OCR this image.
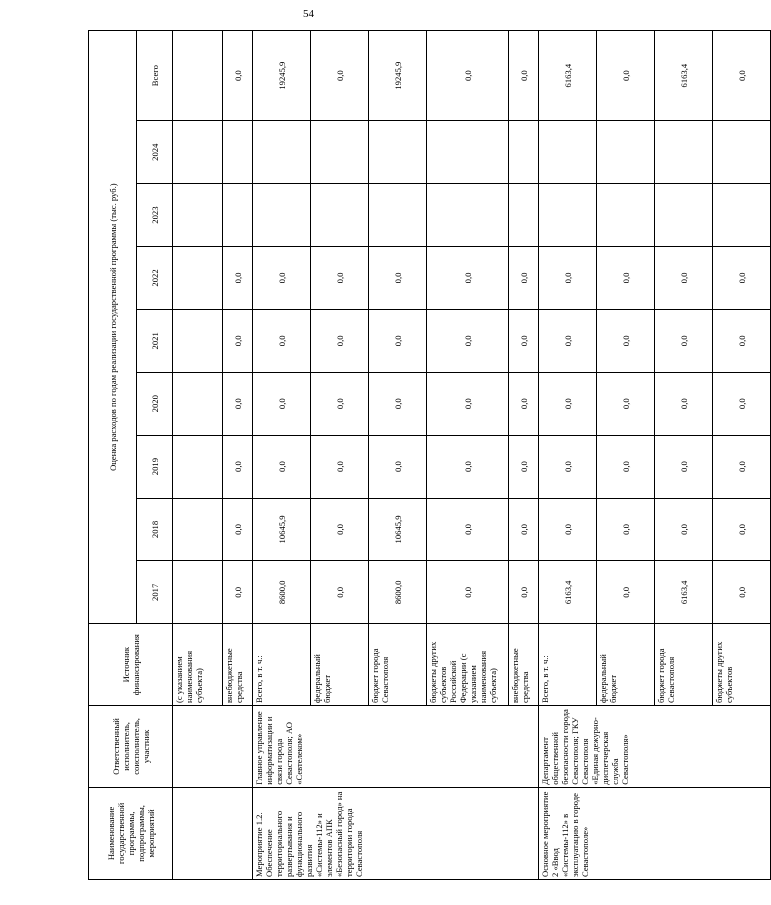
54
Наименование государственной программы, подпрограммы, мероприятий	Ответственный исполнитель, соисполнитель, участник	Источник финансирования	Оценка расходов по годам реализации государственной программы (тыс. руб.)								
			2017	2018	2019	2020	2021	2022	2023	2024	Всего
		(с указанием наименования субъекта)									
		внебюджетные средства	0,0	0,0	0,0	0,0	0,0	0,0			0,0
Мероприятие 1.2. Обеспечение территориального развертывания и функционального развития «Системы-112» и элементов АПК «Безопасный город» на территории города Севастополя	Главное управление информатизации и связи города Севастополя; АО «Севтелеком»	Всего, в т. ч.:	8600,0	10645,9	0,0	0,0	0,0	0,0			19245,9
		федеральный бюджет	0,0	0,0	0,0	0,0	0,0	0,0			0,0
		бюджет города Севастополя	8600,0	10645,9	0,0	0,0	0,0	0,0			19245,9
		бюджеты других субъектов Российской Федерации (с указанием наименования субъекта)	0,0	0,0	0,0	0,0	0,0	0,0			0,0
		внебюджетные средства	0,0	0,0	0,0	0,0	0,0	0,0			0,0
Основное мероприятие 2 «Ввод «Системы-112» в эксплуатацию в городе Севастополе»	Департамент общественной безопасности города Севастополя; ГКУ Севастополя «Единая дежурно-диспетчерская служба Севастополя»	Всего, в т. ч.:	6163,4	0,0	0,0	0,0	0,0	0,0			6163,4
		федеральный бюджет	0,0	0,0	0,0	0,0	0,0	0,0			0,0
		бюджет города Севастополя	6163,4	0,0	0,0	0,0	0,0	0,0			6163,4
		бюджеты других субъектов	0,0	0,0	0,0	0,0	0,0	0,0			0,0
